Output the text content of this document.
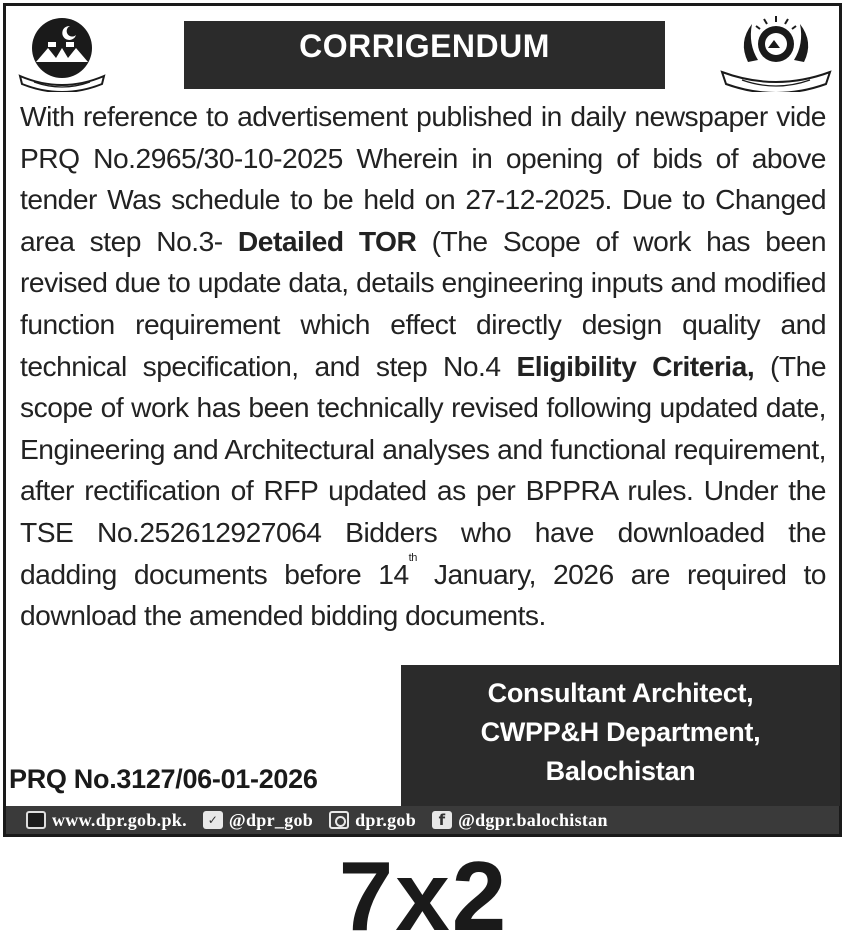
CORRIGENDUM
With reference to advertisement published in daily newspaper vide PRQ No.2965/30-10-2025 Wherein in opening of bids of above tender Was schedule to be held on 27-12-2025. Due to Changed area step No.3- Detailed TOR (The Scope of work has been revised due to update data, details engineering inputs and modified function requirement which effect directly design quality and technical specification, and step No.4 Eligibility Criteria, (The scope of work has been technically revised following updated date, Engineering and Architectural analyses and functional requirement, after rectification of RFP updated as per BPPRA rules. Under the TSE No.252612927064 Bidders who have downloaded the dadding documents before 14th January, 2026 are required to download the amended bidding documents.
Consultant Architect,
CWPP&H Department,
Balochistan
PRQ No.3127/06-01-2026
www.dpr.gob.pk.	✓ @dpr_gob dpr.gob	f @dgpr.balochistan
7x2
